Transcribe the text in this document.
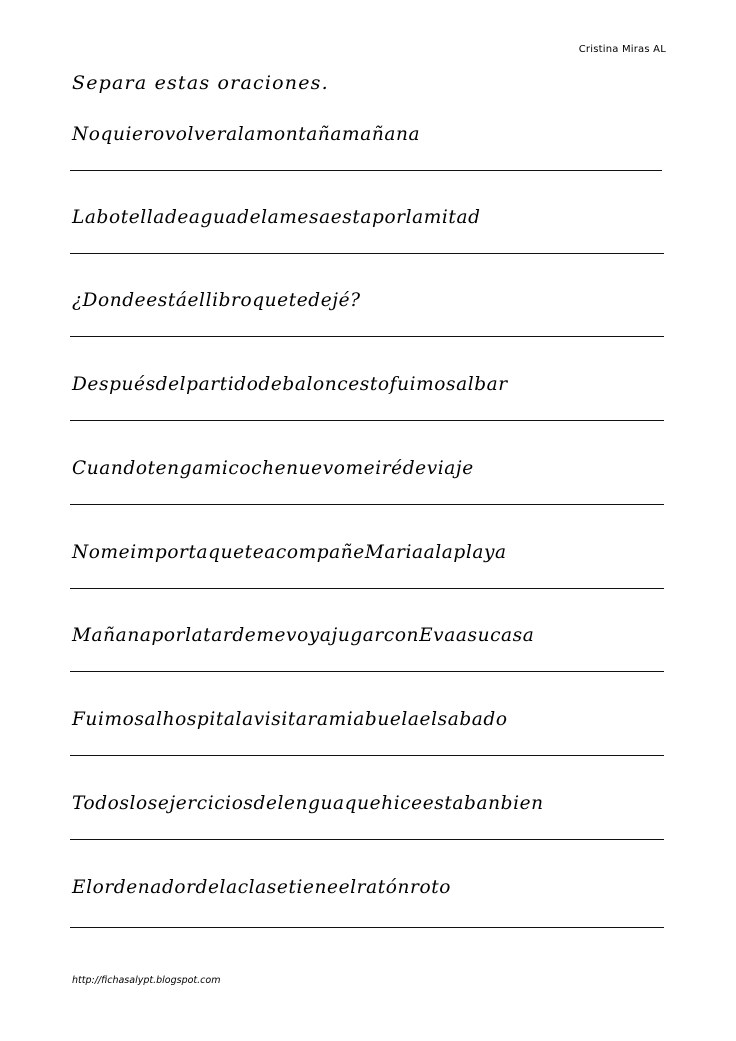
Cristina Miras AL
Separa estas oraciones.
Noquierovolveralamontañamañana
Labotelladeaguadelamesaestaporlamitad
¿Dondeestáellibroquetedejé?
Despuésdelpartidodebaloncestofuimosalbar
Cuandotengamicochenuevomeirédeviaje
NomeimportaqueteacompañeMariaalaplaya
MañanaporlatardemevoyajugarconEvaasucasa
Fuimosalhospitalavisitaramiabuelaelsabado
Todoslosejerciciosdelenguaquehiceestabanbien
Elordenadordelaclasetieneelratónroto
http://fichasalypt.blogspot.com
